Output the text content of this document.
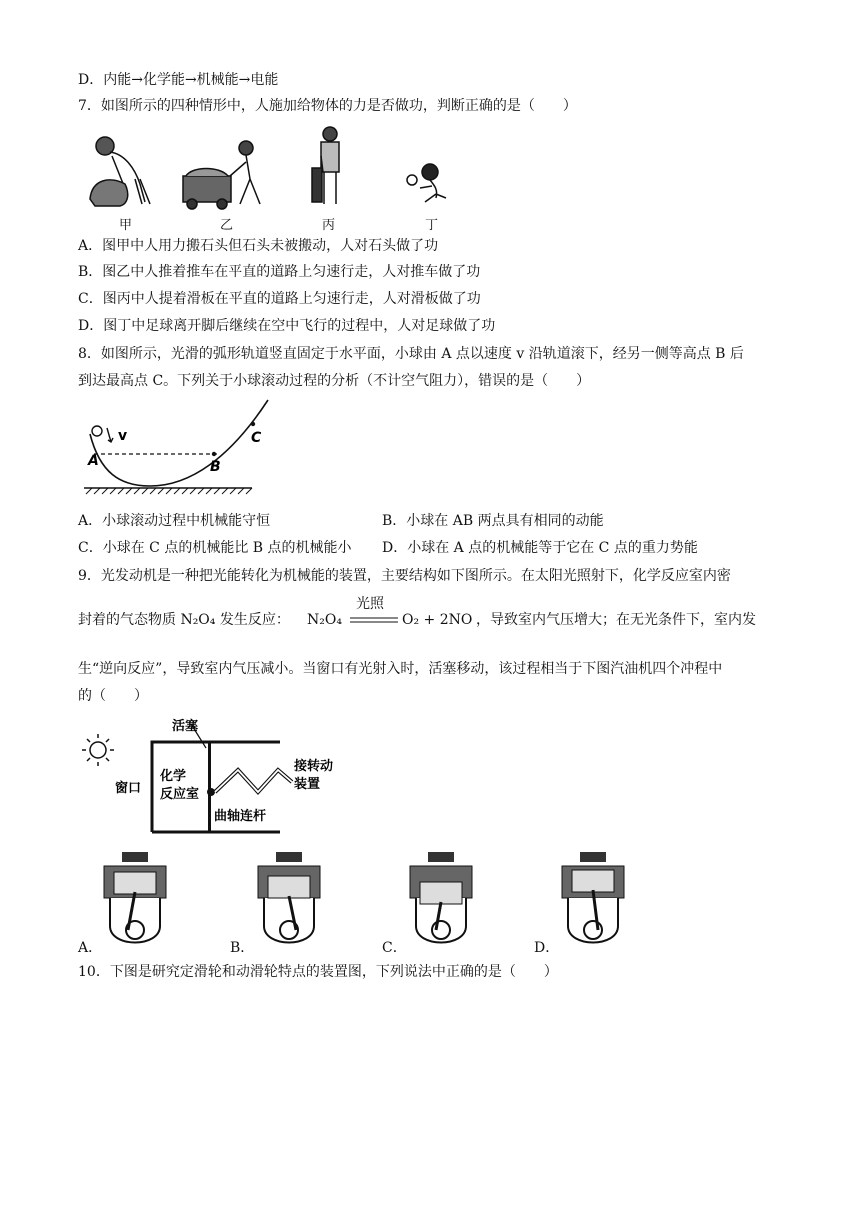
D．内能→化学能→机械能→电能
7．如图所示的四种情形中，人施加给物体的力是否做功，判断正确的是（　　）
甲	乙	丙	丁
A．图甲中人用力搬石头但石头未被搬动，人对石头做了功
B．图乙中人推着推车在平直的道路上匀速行走，人对推车做了功
C．图丙中人提着滑板在平直的道路上匀速行走，人对滑板做了功
D．图丁中足球离开脚后继续在空中飞行的过程中，人对足球做了功
8．如图所示，光滑的弧形轨道竖直固定于水平面，小球由 A 点以速度 v 沿轨道滚下，经另一侧等高点 B 后
到达最高点 C。下列关于小球滚动过程的分析（不计空气阻力），错误的是（　　）
A
v
B
C
A．小球滚动过程中机械能守恒	B．小球在 AB 两点具有相同的动能
C．小球在 C 点的机械能比 B 点的机械能小 D．小球在 A 点的机械能等于它在 C 点的重力势能
9．光发动机是一种把光能转化为机械能的装置，主要结构如下图所示。在太阳光照射下，化学反应室内密
封着的气态物质 N₂O₄ 发生反应： N₂O₄
光照
O₂ + 2NO ，导致室内气压增大；在无光条件下，室内发
生“逆向反应”，导致室内气压减小。当窗口有光射入时，活塞移动，该过程相当于下图汽油机四个冲程中
的（　　）
活塞
窗口
化学
反应室
曲轴连杆
接转动
装置
A．	B．	C．	D．
10．下图是研究定滑轮和动滑轮特点的装置图，下列说法中正确的是（　　）
